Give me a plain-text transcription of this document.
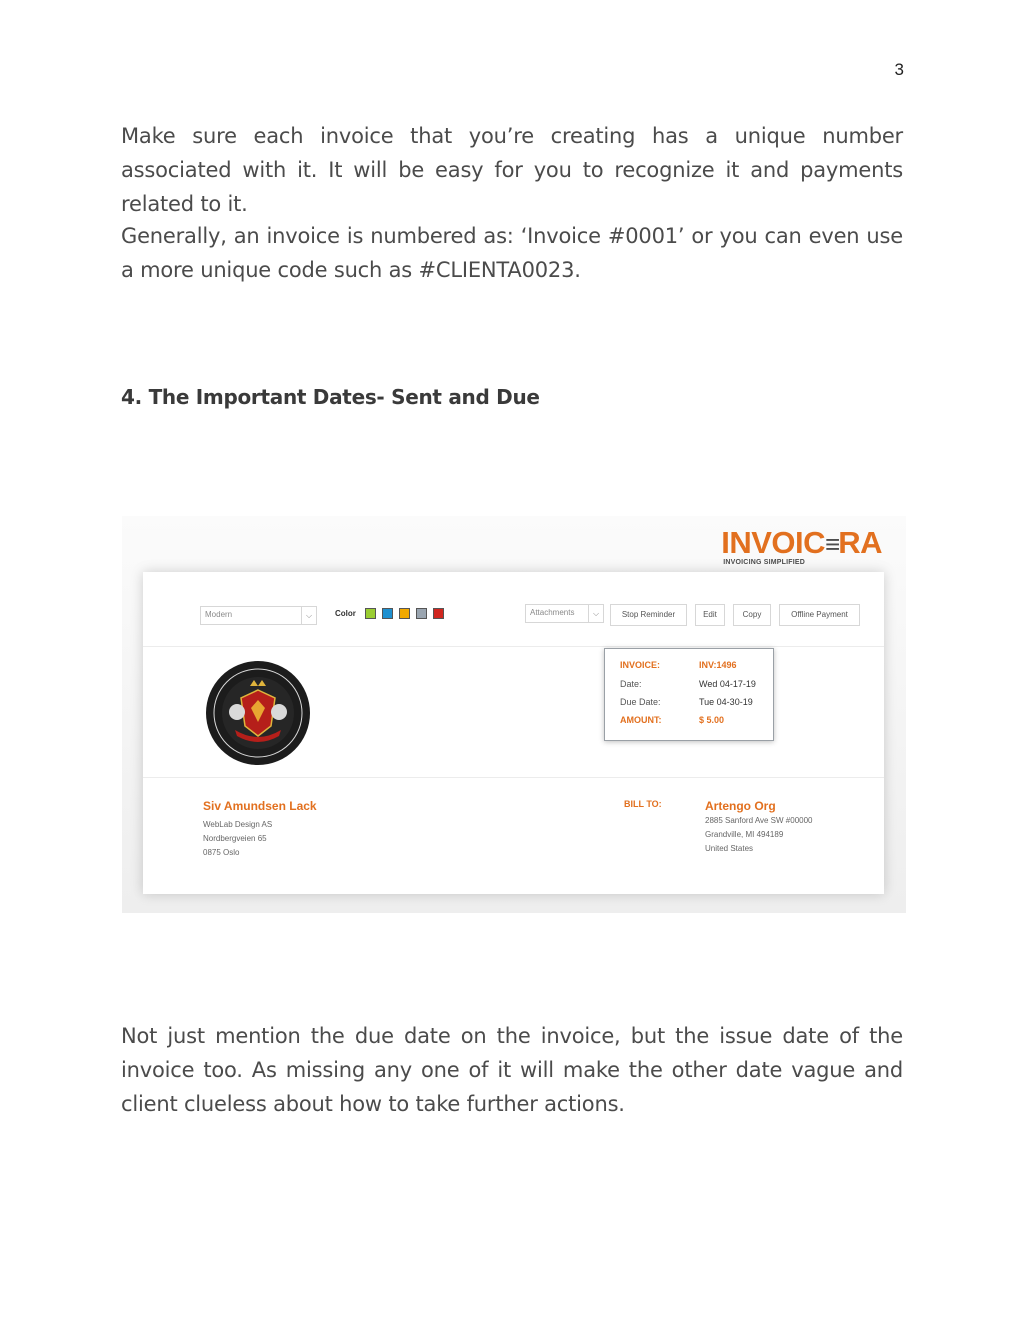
3

Make sure each invoice that you’re creating has a unique number associated with it. It will be easy for you to recognize it and payments related to it.

Generally, an invoice is numbered as: ‘Invoice #0001’ or you can even use a more unique code such as #CLIENTA0023.

4. The Important Dates- Sent and Due
INVOIC≡RA
INVOICING SIMPLIFIED
Modern	⌵	Color	Attachments	⌵	Stop Reminder	Edit	Copy	Offline Payment
INVOICE:	INV:1496
Date:	Wed 04-17-19
Due Date:	Tue 04-30-19
AMOUNT:	$ 5.00
Siv Amundsen Lack
WebLab Design AS
Nordbergveien 65
0875 Oslo
BILL TO:	Artengo Org
2885 Sanford Ave SW #00000
Grandville, MI 494189
United States

Not just mention the due date on the invoice, but the issue date of the invoice too. As missing any one of it will make the other date vague and client clueless about how to take further actions.
